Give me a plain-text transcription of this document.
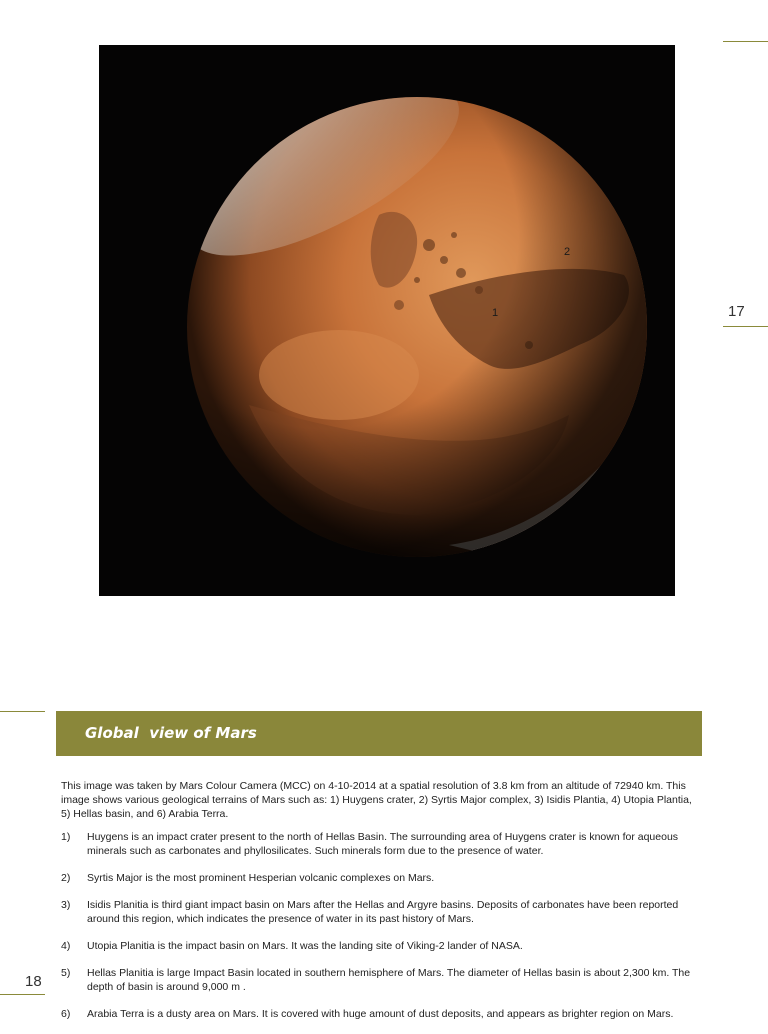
17
18
1
2
Global  view of Mars

This image was taken by Mars Colour Camera (MCC) on 4-10-2014 at a spatial resolution of 3.8 km from an altitude of 72940 km. This image shows various geological terrains of Mars such as: 1) Huygens crater, 2) Syrtis Major complex, 3) Isidis Plantia, 4) Utopia Plantia, 5) Hellas basin, and 6) Arabia Terra.

1) Huygens is an impact crater present to the north of Hellas Basin. The surrounding area of Huygens crater is known for aqueous minerals such as carbonates and phyllosilicates. Such minerals form due to the presence of water.
2) Syrtis Major is the most prominent Hesperian volcanic complexes on Mars.
3) Isidis Planitia is third giant impact basin on Mars after the Hellas and Argyre basins. Deposits of carbonates have been reported around this region, which indicates the presence of water in its past history of Mars.
4) Utopia Planitia is the impact basin on Mars. It was the landing site of Viking-2 lander of NASA.
5) Hellas Planitia is large Impact Basin located in southern hemisphere of Mars. The diameter of Hellas basin is about 2,300 km. The depth of basin is around 9,000 m .
6) Arabia Terra is a dusty area on Mars. It is covered with huge amount of dust deposits, and appears as brighter region on Mars.
